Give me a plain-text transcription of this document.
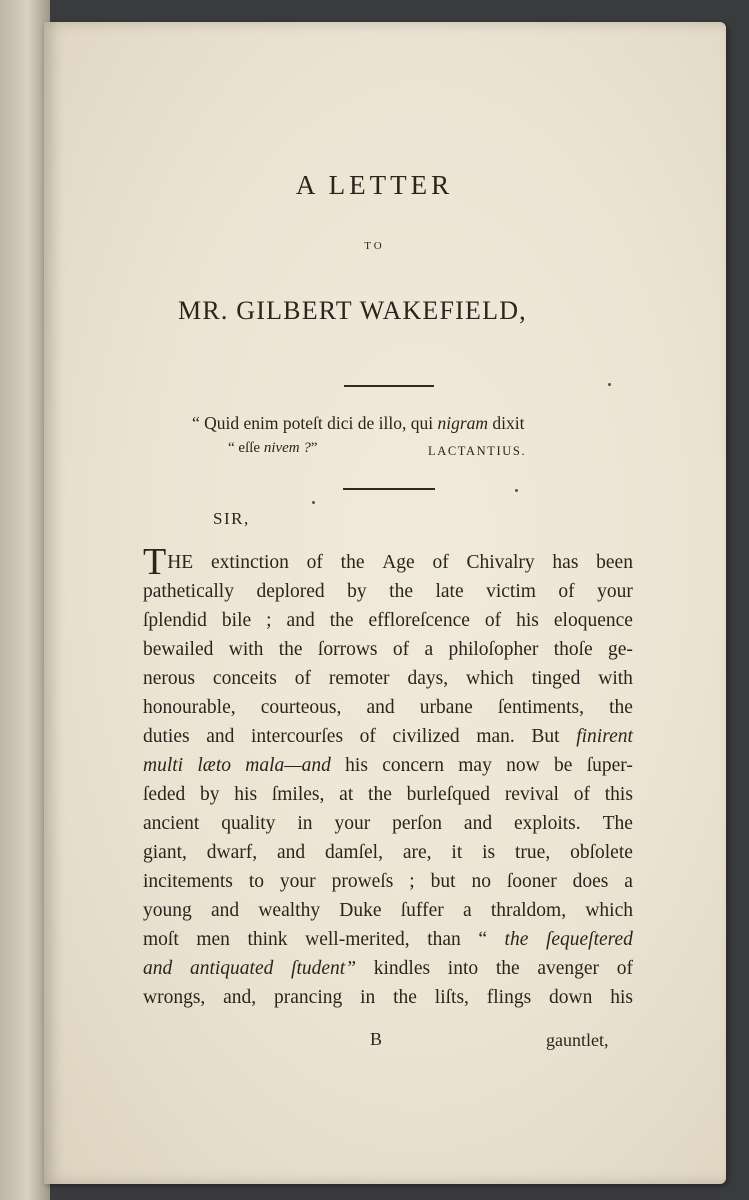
A LETTER
TO
MR. GILBERT WAKEFIELD,
“ Quid enim poteſt dici de illo, qui nigram dixit
“ eſſe nivem ?”	LACTANTIUS.
SIR,
T HE extinction of the Age of Chivalry has been
pathetically deplored by the late victim of your
ſplendid bile ; and the effloreſcence of his eloquence
bewailed with the ſorrows of a philoſopher thoſe ge-
nerous conceits of remoter days, which tinged with
honourable, courteous, and urbane ſentiments, the
duties and intercourſes of civilized man. But finirent
multi læto mala—and his concern may now be ſuper-
ſeded by his ſmiles, at the burleſqued revival of this
ancient quality in your perſon and exploits. The
giant, dwarf, and damſel, are, it is true, obſolete
incitements to your proweſs ; but no ſooner does a
young and wealthy Duke ſuffer a thraldom, which
moſt men think well-merited, than “ the ſequeſtered
and antiquated ſtudent” kindles into the avenger of
wrongs, and, prancing in the liſts, flings down his
B	gauntlet,
